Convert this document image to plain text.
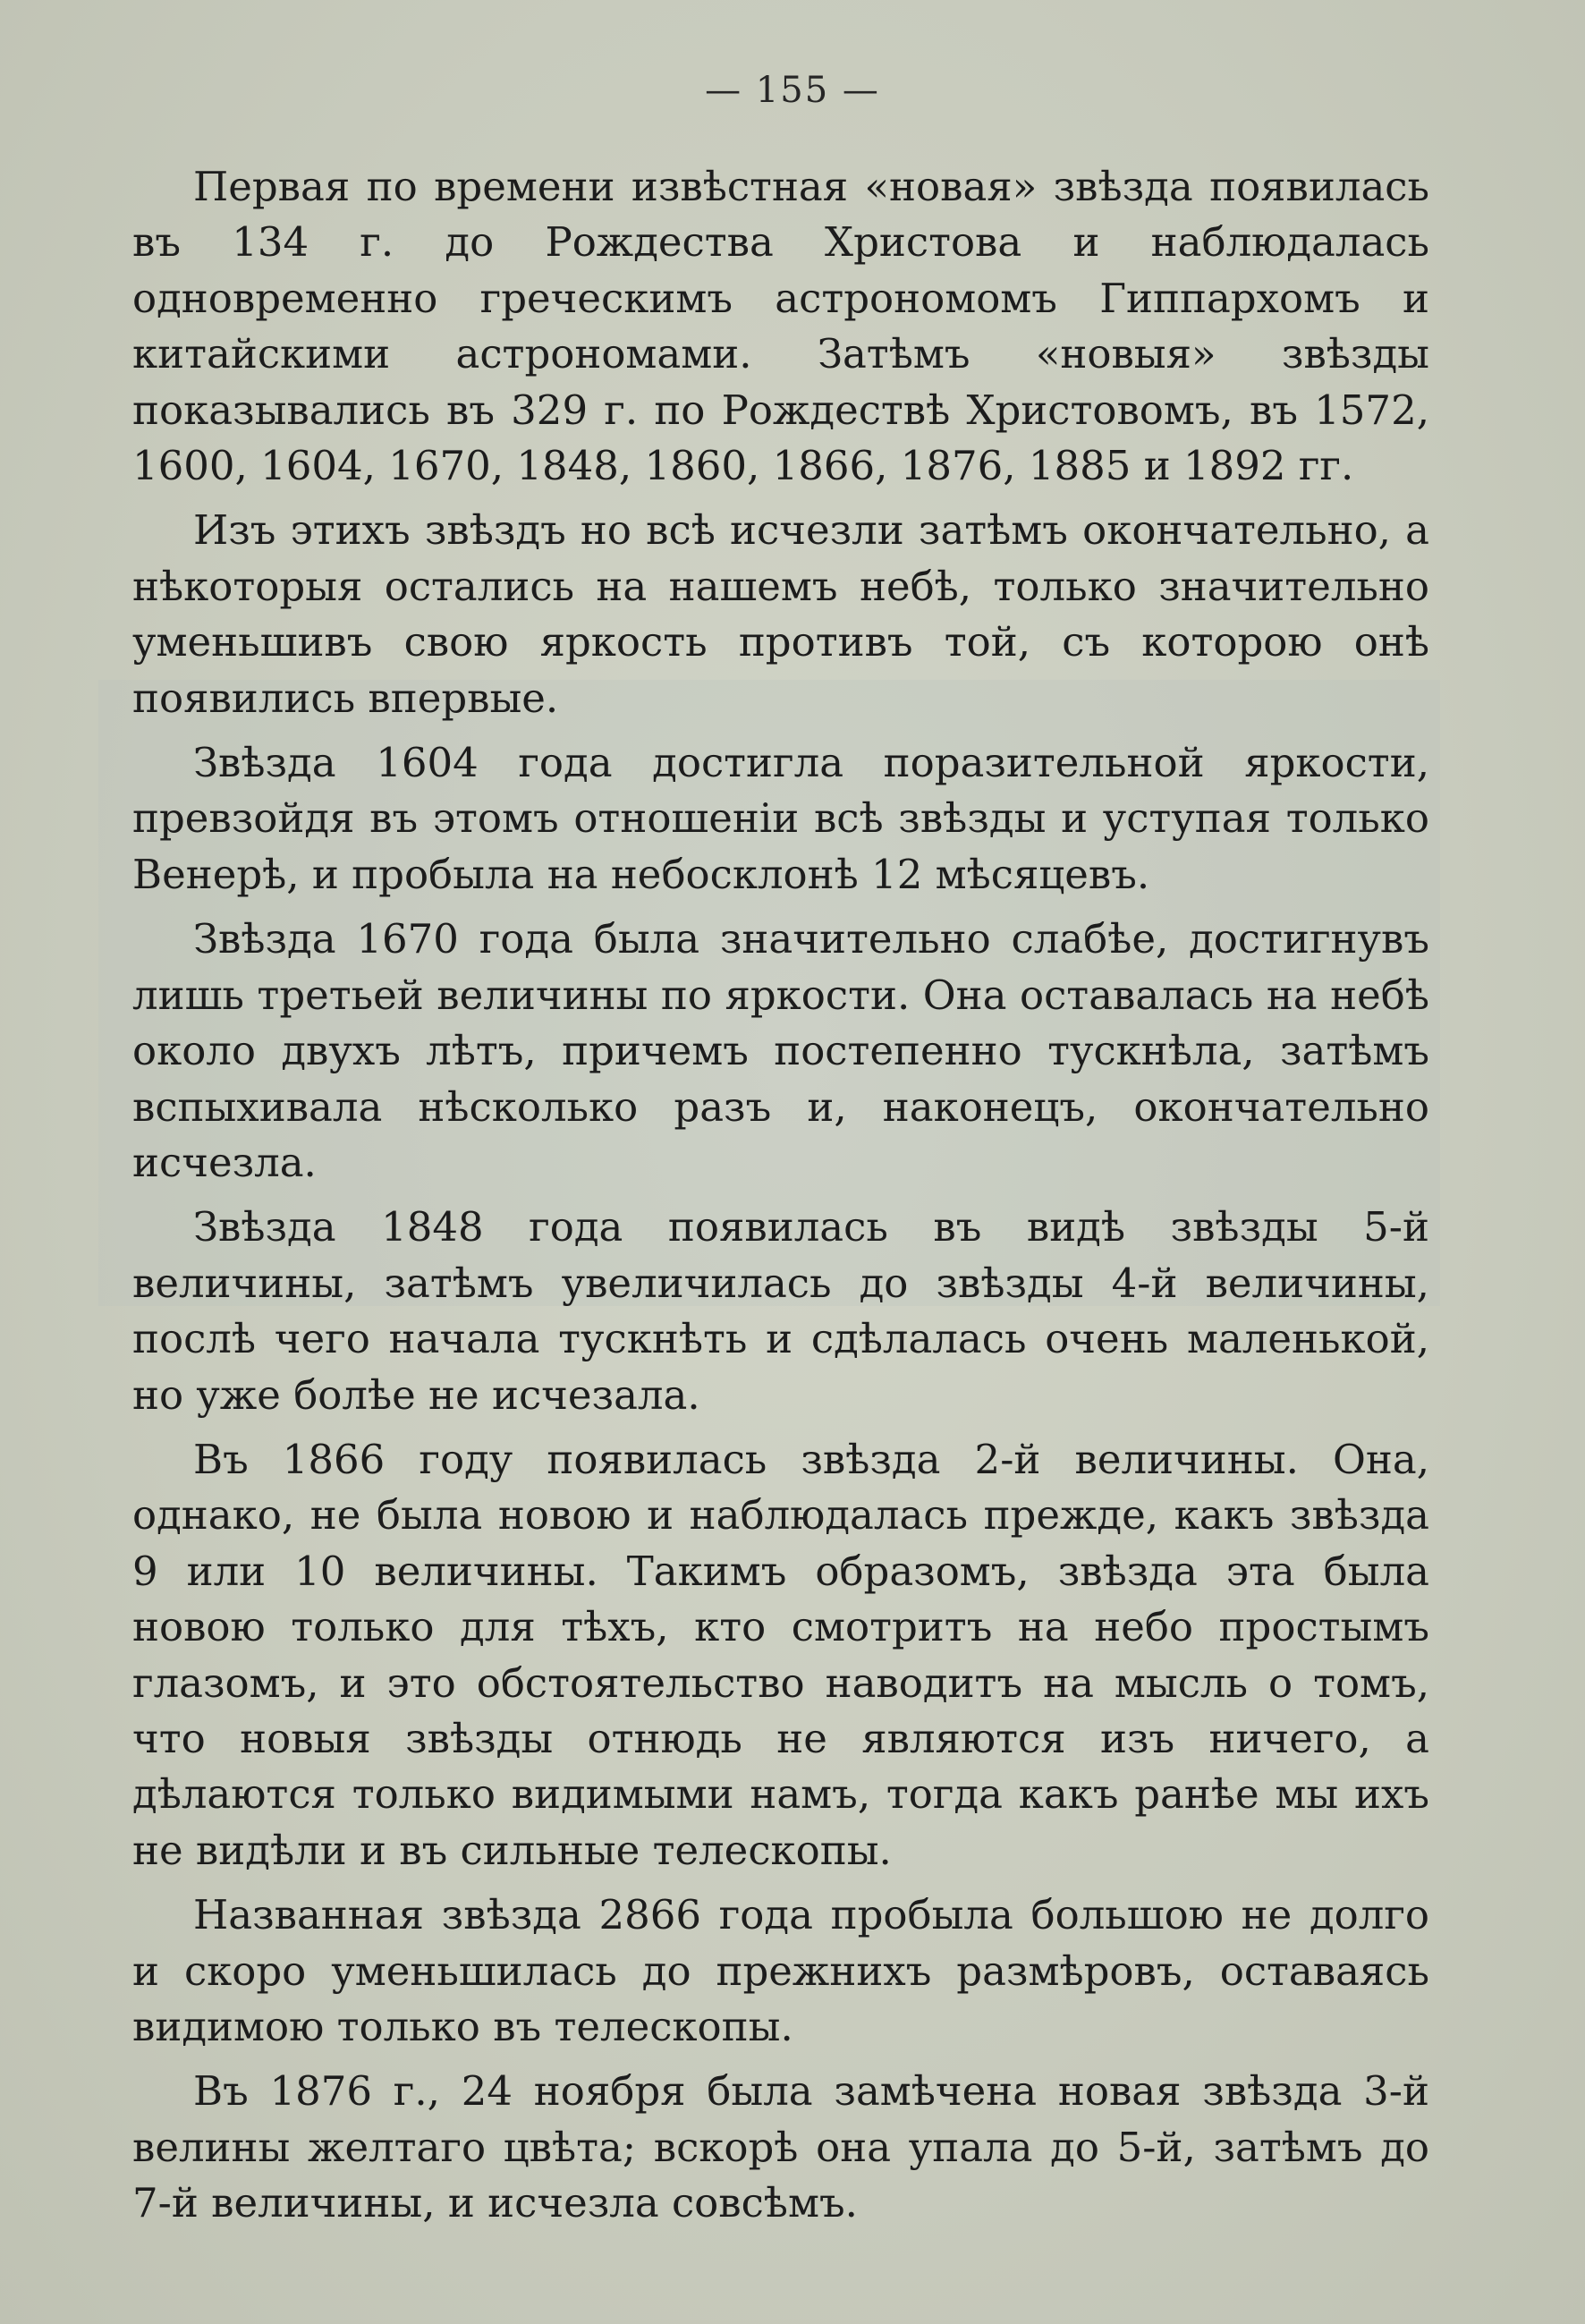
— 155 —

Первая по времени извѣстная «новая» звѣзда появилась въ 134 г. до Рождества Христова и наблюдалась одновременно греческимъ астрономомъ Гиппархомъ и китайскими астрономами. Затѣмъ «новыя» звѣзды показывались въ 329 г. по Рождествѣ Христовомъ, въ 1572, 1600, 1604, 1670, 1848, 1860, 1866, 1876, 1885 и 1892 гг.

Изъ этихъ звѣздъ но всѣ исчезли затѣмъ окончательно, а нѣкоторыя остались на нашемъ небѣ, только значительно уменьшивъ свою яркость противъ той, съ которою онѣ появились впервые.

Звѣзда 1604 года достигла поразительной яркости, превзойдя въ этомъ отношеніи всѣ звѣзды и уступая только Венерѣ, и пробыла на небосклонѣ 12 мѣсяцевъ.

Звѣзда 1670 года была значительно слабѣе, достигнувъ лишь третьей величины по яркости. Она оставалась на небѣ около двухъ лѣтъ, причемъ постепенно тускнѣла, затѣмъ вспыхивала нѣсколько разъ и, наконецъ, окончательно исчезла.

Звѣзда 1848 года появилась въ видѣ звѣзды 5-й величины, затѣмъ увеличилась до звѣзды 4-й величины, послѣ чего начала тускнѣть и сдѣлалась очень маленькой, но уже болѣе не исчезала.

Въ 1866 году появилась звѣзда 2-й величины. Она, однако, не была новою и наблюдалась прежде, какъ звѣзда 9 или 10 величины. Такимъ образомъ, звѣзда эта была новою только для тѣхъ, кто смотритъ на небо простымъ глазомъ, и это обстоятельство наводитъ на мысль о томъ, что новыя звѣзды отнюдь не являются изъ ничего, а дѣлаются только видимыми намъ, тогда какъ ранѣе мы ихъ не видѣли и въ сильные телескопы.

Названная звѣзда 2866 года пробыла большою не долго и скоро уменьшилась до прежнихъ размѣровъ, оставаясь видимою только въ телескопы.

Въ 1876 г., 24 ноября была замѣчена новая звѣзда 3-й велины желтаго цвѣта; вскорѣ она упала до 5-й, затѣмъ до 7-й величины, и исчезла совсѣмъ.
